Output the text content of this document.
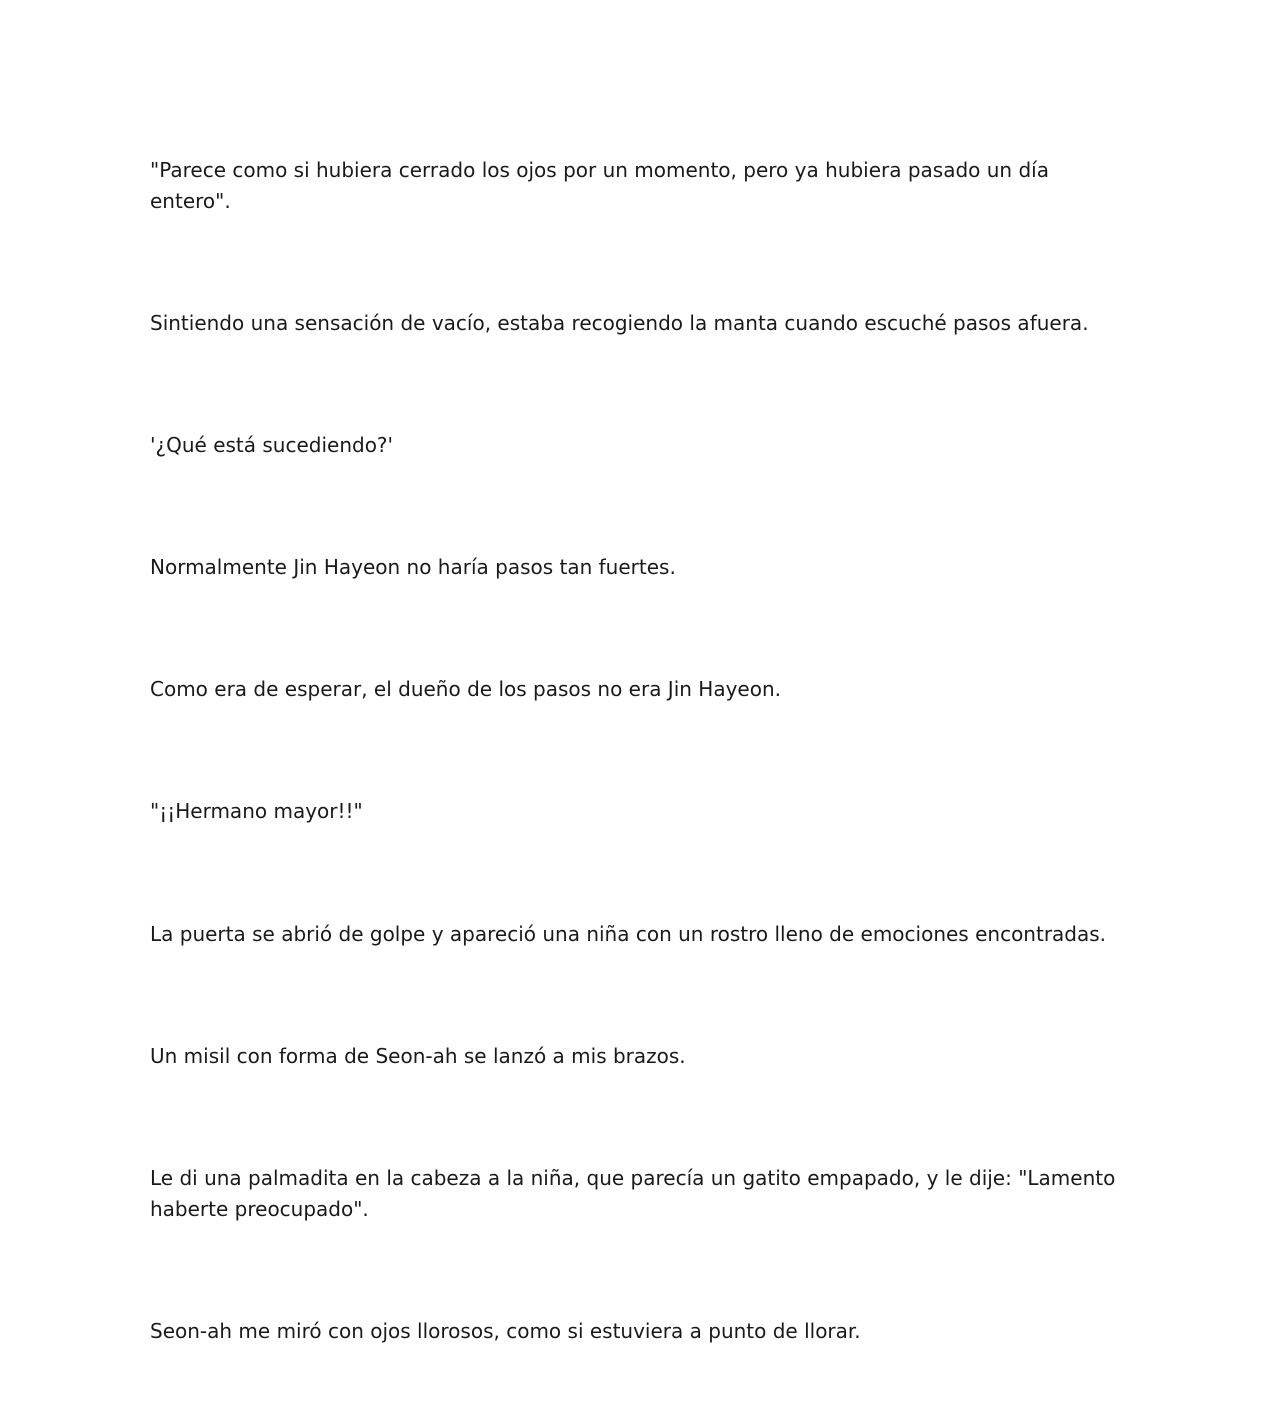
"Parece como si hubiera cerrado los ojos por un momento, pero ya hubiera pasado un día entero".

Sintiendo una sensación de vacío, estaba recogiendo la manta cuando escuché pasos afuera.

'¿Qué está sucediendo?'

Normalmente Jin Hayeon no haría pasos tan fuertes.

Como era de esperar, el dueño de los pasos no era Jin Hayeon.

"¡¡Hermano mayor!!"

La puerta se abrió de golpe y apareció una niña con un rostro lleno de emociones encontradas.

Un misil con forma de Seon-ah se lanzó a mis brazos.

Le di una palmadita en la cabeza a la niña, que parecía un gatito empapado, y le dije: "Lamento haberte preocupado".

Seon-ah me miró con ojos llorosos, como si estuviera a punto de llorar.
